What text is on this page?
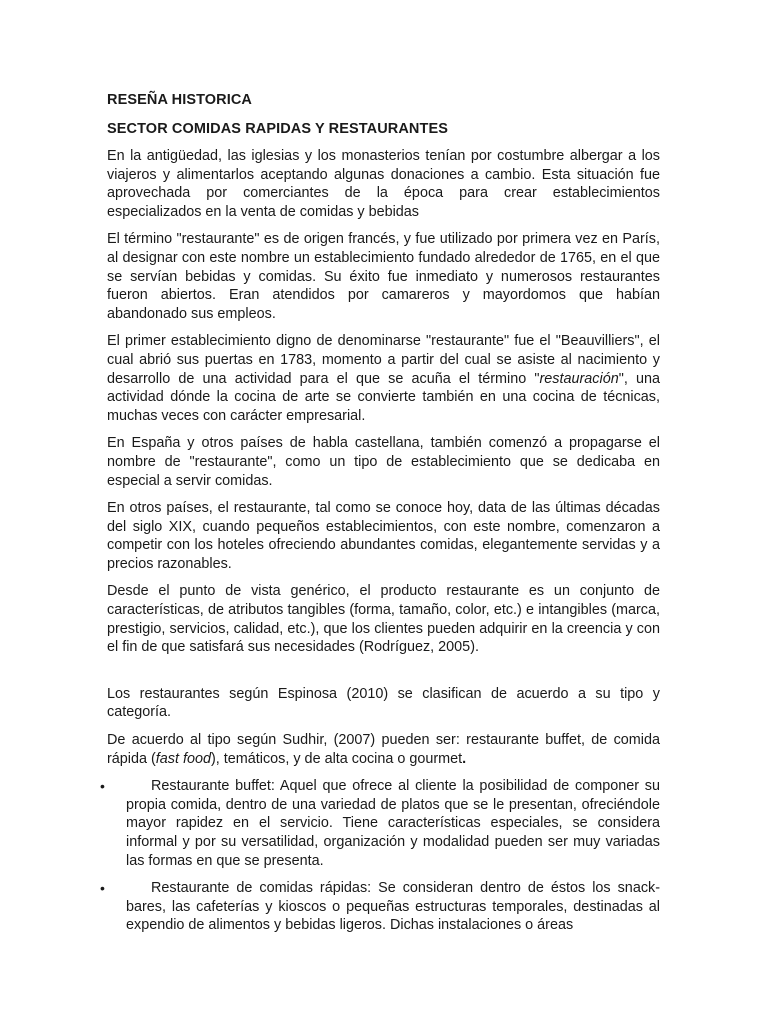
RESEÑA HISTORICA
SECTOR COMIDAS RAPIDAS Y RESTAURANTES

En la antigüedad, las iglesias y los monasterios tenían por costumbre albergar a los viajeros y alimentarlos aceptando algunas donaciones a cambio. Esta situación fue aprovechada por comerciantes de la época para crear establecimientos especializados en la venta de comidas y bebidas

El término "restaurante" es de origen francés, y fue utilizado por primera vez en París, al designar con este nombre un establecimiento fundado alrededor de 1765, en el que se servían bebidas y comidas. Su éxito fue inmediato y numerosos restaurantes fueron abiertos. Eran atendidos por camareros y mayordomos que habían abandonado sus empleos.

El primer establecimiento digno de denominarse "restaurante" fue el "Beauvilliers", el cual abrió sus puertas en 1783, momento a partir del cual se asiste al nacimiento y desarrollo de una actividad para el que se acuña el término "restauración", una actividad dónde la cocina de arte se convierte también en una cocina de técnicas, muchas veces con carácter empresarial.

En España y otros países de habla castellana, también comenzó a propagarse el nombre de "restaurante", como un tipo de establecimiento que se dedicaba en especial a servir comidas.

En otros países, el restaurante, tal como se conoce hoy, data de las últimas décadas del siglo XIX, cuando pequeños establecimientos, con este nombre, comenzaron a competir con los hoteles ofreciendo abundantes comidas, elegantemente servidas y a precios razonables.

Desde el punto de vista genérico, el producto restaurante es un conjunto de características, de atributos tangibles (forma, tamaño, color, etc.) e intangibles (marca, prestigio, servicios, calidad, etc.), que los clientes pueden adquirir en la creencia y con el fin de que satisfará sus necesidades (Rodríguez, 2005).

Los restaurantes según Espinosa (2010) se clasifican de acuerdo a su tipo y categoría.

De acuerdo al tipo según Sudhir, (2007) pueden ser: restaurante buffet, de comida rápida (fast food), temáticos, y de alta cocina o gourmet.

•	Restaurante buffet: Aquel que ofrece al cliente la posibilidad de componer su propia comida, dentro de una variedad de platos que se le presentan, ofreciéndole mayor rapidez en el servicio. Tiene características especiales, se considera informal y por su versatilidad, organización y modalidad pueden ser muy variadas las formas en que se presenta.
•	Restaurante de comidas rápidas: Se consideran dentro de éstos los snack-bares, las cafeterías y kioscos o pequeñas estructuras temporales, destinadas al expendio de alimentos y bebidas ligeros. Dichas instalaciones o áreas
